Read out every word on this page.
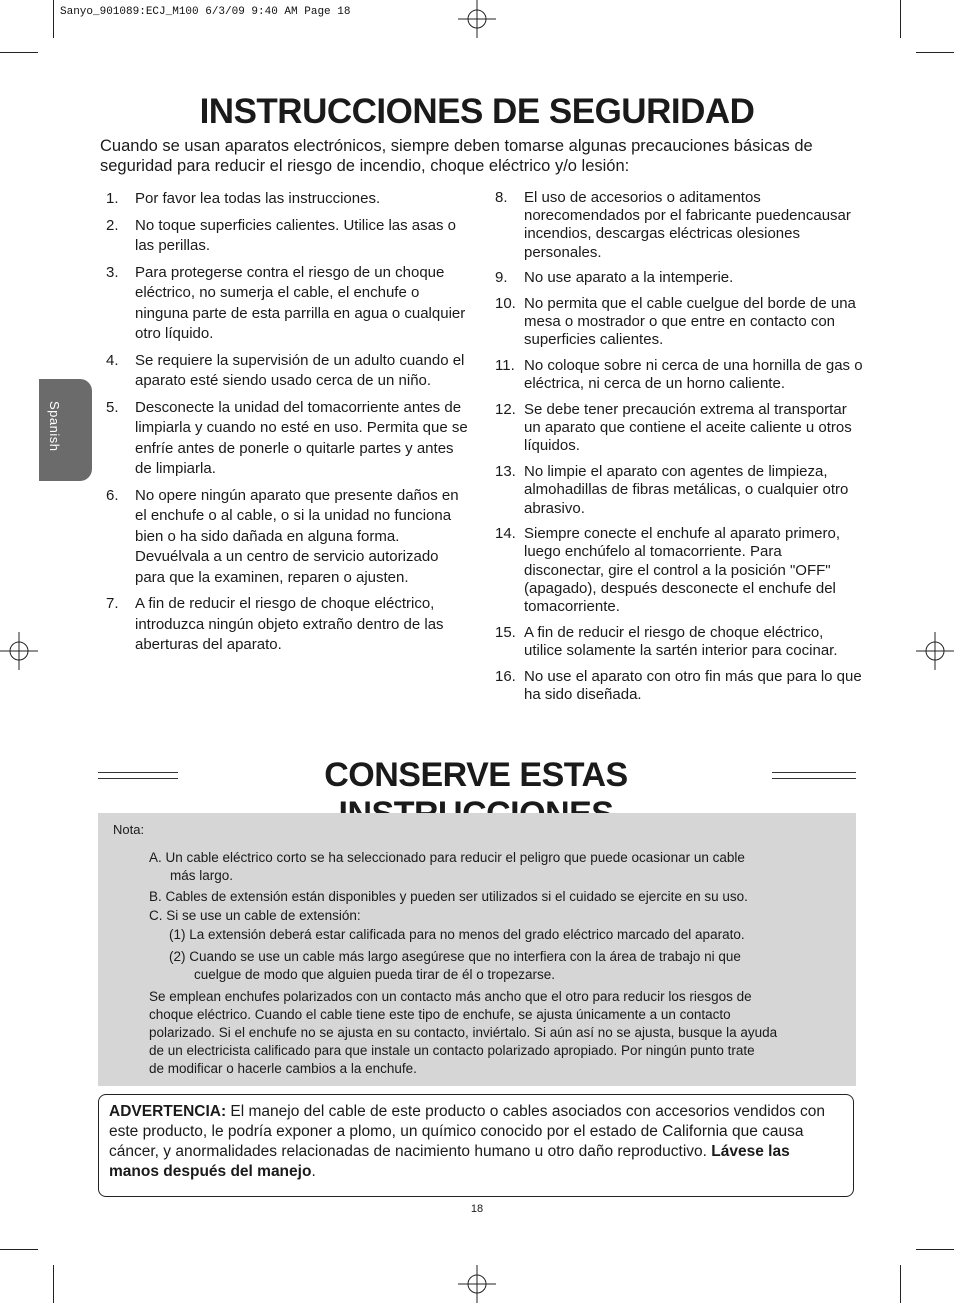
Sanyo_901089:ECJ_M100 6/3/09 9:40 AM Page 18
INSTRUCCIONES DE SEGURIDAD

Cuando se usan aparatos electrónicos, siempre deben tomarse algunas precauciones básicas de seguridad para reducir el riesgo de incendio, choque eléctrico y/o lesión:

Spanish
1. Por favor lea todas las instrucciones.
2. No toque superficies calientes. Utilice las asas o las perillas.
3. Para protegerse contra el riesgo de un choque eléctrico, no sumerja el cable, el enchufe o ninguna parte de esta parrilla en agua o cualquier otro líquido.
4. Se requiere la supervisión de un adulto cuando el aparato esté siendo usado cerca de un niño.
5. Desconecte la unidad del tomacorriente antes de limpiarla y cuando no esté en uso. Permita que se enfríe antes de ponerle o quitarle partes y antes de limpiarla.
6. No opere ningún aparato que presente daños en el enchufe o al cable, o si la unidad no funciona bien o ha sido dañada en alguna forma. Devuélvala a un centro de servicio autorizado para que la examinen, reparen o ajusten.
7. A fin de reducir el riesgo de choque eléctrico, introduzca ningún objeto extraño dentro de las aberturas del aparato.
8. El uso de accesorios o aditamentos norecomendados por el fabricante puedencausar incendios, descargas eléctricas olesiones personales.
9. No use aparato a la intemperie.
10. No permita que el cable cuelgue del borde de una mesa o mostrador o que entre en contacto con superficies calientes.
11. No coloque sobre ni cerca de una hornilla de gas o eléctrica, ni cerca de un horno caliente.
12. Se debe tener precaución extrema al transportar un aparato que contiene el aceite caliente u otros líquidos.
13. No limpie el aparato con agentes de limpieza, almohadillas de fibras metálicas, o cualquier otro abrasivo.
14. Siempre conecte el enchufe al aparato primero, luego enchúfelo al tomacorriente. Para disconectar, gire el control a la posición "OFF" (apagado), después desconecte el enchufe del tomacorriente.
15. A fin de reducir el riesgo de choque eléctrico, utilice solamente la sartén interior para cocinar.
16. No use el aparato con otro fin más que para lo que ha sido diseñada.
CONSERVE ESTAS
Nota:
A. Un cable eléctrico corto se ha seleccionado para reducir el peligro que puede ocasionar un cable
más largo.
B. Cables de extensión están disponibles y pueden ser utilizados si el cuidado se ejercite en su uso.
C. Si se use un cable de extensión:
(1) La extensión deberá estar calificada para no menos del grado eléctrico marcado del aparato.
(2) Cuando se use un cable más largo asegúrese que no interfiera con la área de trabajo ni que
cuelgue de modo que alguien pueda tirar de él o tropezarse.
Se emplean enchufes polarizados con un contacto más ancho que el otro para reducir los riesgos de
choque eléctrico. Cuando el cable tiene este tipo de enchufe, se ajusta únicamente a un contacto
polarizado. Si el enchufe no se ajusta en su contacto, inviértalo. Si aún así no se ajusta, busque la ayuda
de un electricista calificado para que instale un contacto polarizado apropiado. Por ningún punto trate
de modificar o hacerle cambios a la enchufe.
ADVERTENCIA: El manejo del cable de este producto o cables asociados con accesorios vendidos con este producto, le podría exponer a plomo, un químico conocido por el estado de California que causa cáncer, y anormalidades relacionadas de nacimiento humano u otro daño reproductivo. Lávese las manos después del manejo.
18
